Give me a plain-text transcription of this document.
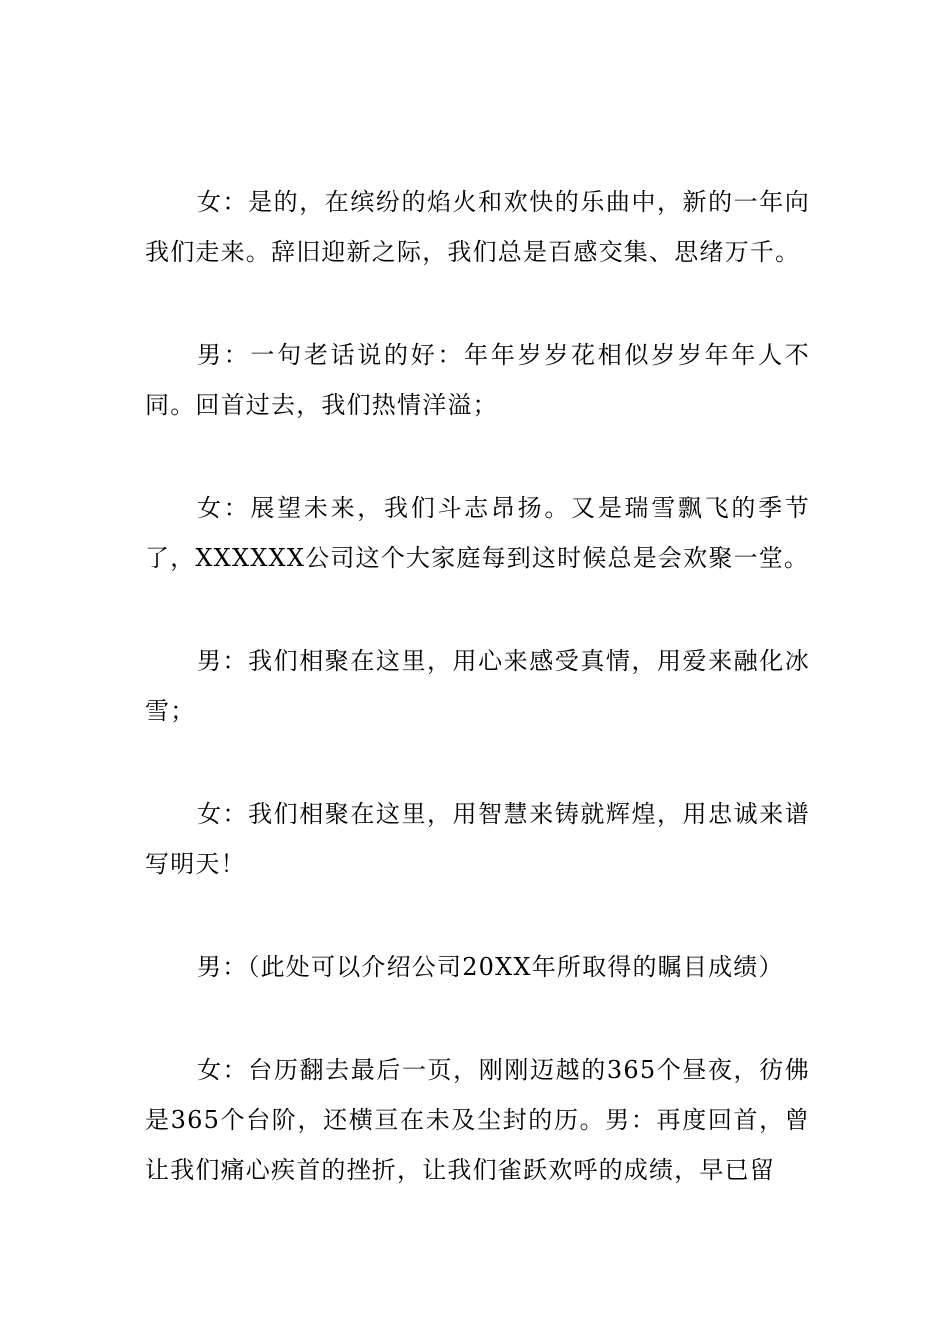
女：是的，在缤纷的焰火和欢快的乐曲中，新的一年向我们走来。辞旧迎新之际，我们总是百感交集、思绪万千。

男：一句老话说的好：年年岁岁花相似岁岁年年人不同。回首过去，我们热情洋溢；

女：展望未来，我们斗志昂扬。又是瑞雪飘飞的季节了，XXXXXX公司这个大家庭每到这时候总是会欢聚一堂。

男：我们相聚在这里，用心来感受真情，用爱来融化冰雪；

女：我们相聚在这里，用智慧来铸就辉煌，用忠诚来谱写明天！

男：（此处可以介绍公司20XX年所取得的瞩目成绩）

女：台历翻去最后一页，刚刚迈越的365个昼夜，彷佛是365个台阶，还横亘在未及尘封的历。男：再度回首，曾让我们痛心疾首的挫折，让我们雀跃欢呼的成绩，早已留
